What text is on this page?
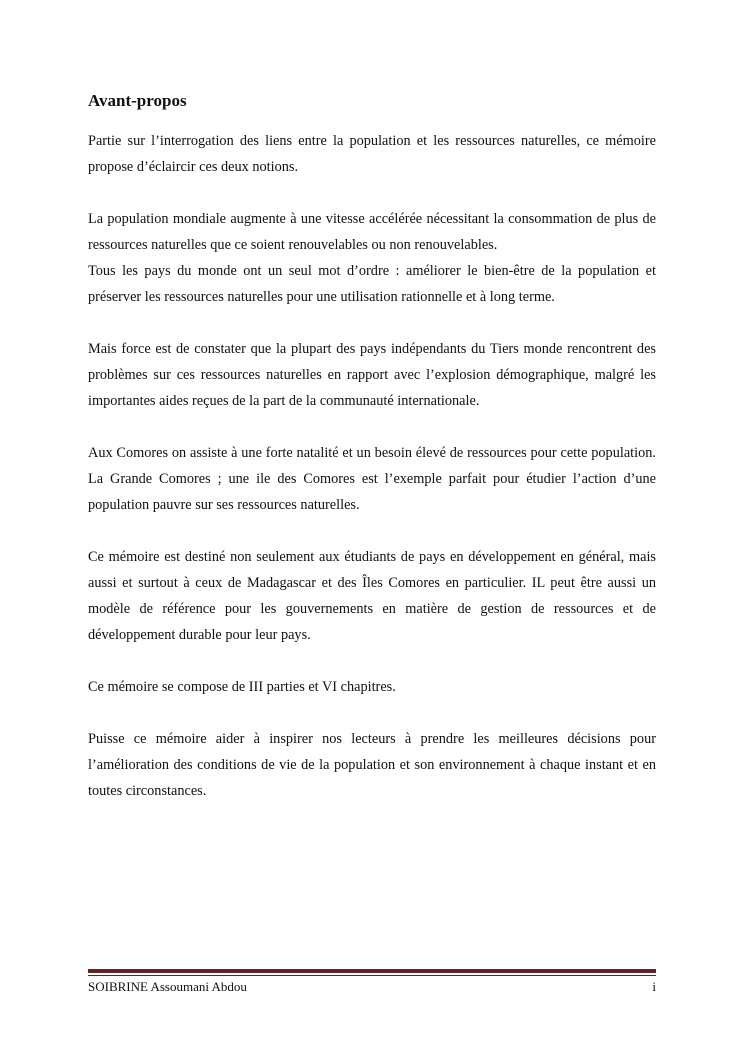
Avant-propos

Partie sur l’interrogation des liens entre la population et les ressources naturelles, ce mémoire propose d’éclaircir ces deux notions.

La population mondiale augmente à une vitesse accélérée nécessitant la consommation de plus de ressources naturelles que ce soient renouvelables ou non renouvelables.

Tous les pays du monde ont un seul mot d’ordre : améliorer le bien-être de la population et préserver les ressources naturelles pour une utilisation rationnelle et à long terme.

Mais force est de constater que la plupart des pays indépendants du Tiers monde rencontrent des problèmes sur ces ressources naturelles en rapport avec l’explosion démographique, malgré les importantes aides reçues de la part de la communauté internationale.

Aux Comores on assiste à une forte natalité et un besoin élevé de ressources pour cette population. La Grande Comores ; une ile des Comores est l’exemple parfait pour étudier l’action d’une population pauvre sur ses ressources naturelles.

Ce mémoire est destiné non seulement aux étudiants de pays en développement en général, mais aussi et surtout à ceux de Madagascar et des Îles Comores en particulier. IL peut être aussi un modèle de référence pour les gouvernements en matière de gestion de ressources et de développement durable pour leur pays.

Ce mémoire se compose de III parties et VI chapitres.

Puisse ce mémoire aider à inspirer nos lecteurs à prendre les meilleures décisions pour l’amélioration des conditions de vie de la population et son environnement à chaque instant et en toutes circonstances.

SOIBRINE Assoumani Abdou	i
